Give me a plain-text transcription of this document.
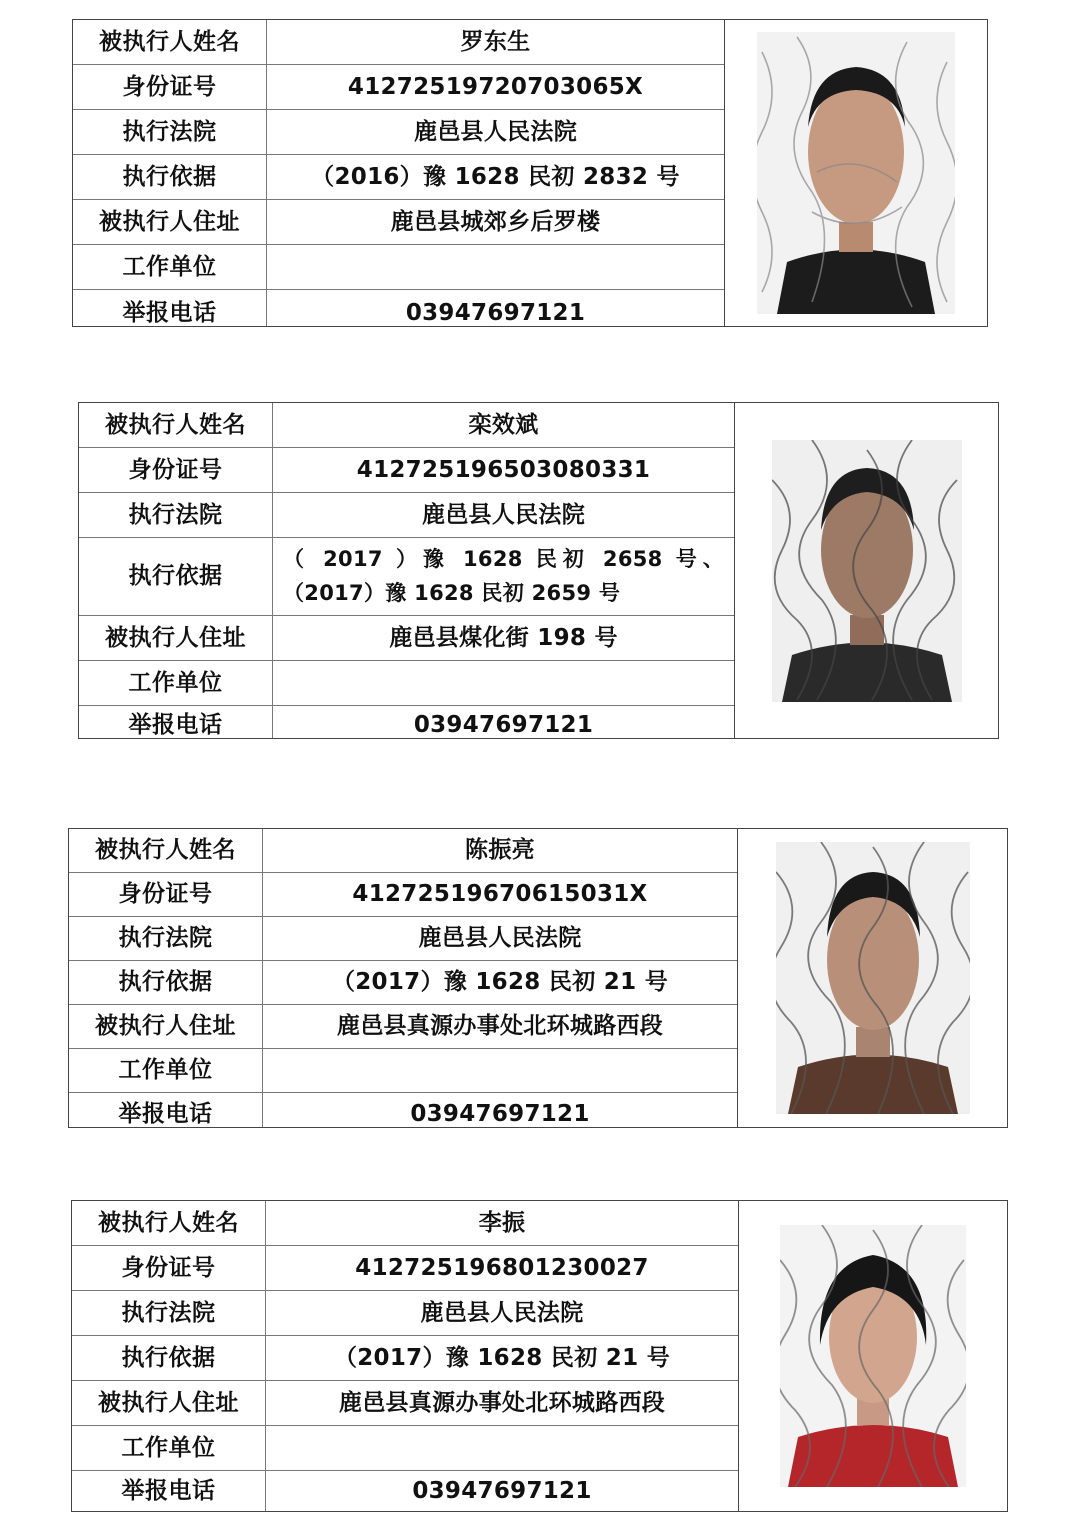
被执行人姓名	罗东生
身份证号	41272519720703065X
执行法院	鹿邑县人民法院
执行依据	（2016）豫 1628 民初 2832 号
被执行人住址	鹿邑县城郊乡后罗楼
工作单位
举报电话	03947697121
被执行人姓名	栾效斌
身份证号	412725196503080331
执行法院	鹿邑县人民法院
执行依据
（ 2017 ）豫 1628 民初 2658 号、
（2017）豫 1628 民初 2659 号
被执行人住址	鹿邑县煤化街 198 号
工作单位
举报电话	03947697121
被执行人姓名	陈振亮
身份证号	41272519670615031X
执行法院	鹿邑县人民法院
执行依据	（2017）豫 1628 民初 21 号
被执行人住址	鹿邑县真源办事处北环城路西段
工作单位
举报电话	03947697121
被执行人姓名	李振
身份证号	412725196801230027
执行法院	鹿邑县人民法院
执行依据	（2017）豫 1628 民初 21 号
被执行人住址	鹿邑县真源办事处北环城路西段
工作单位
举报电话	03947697121
